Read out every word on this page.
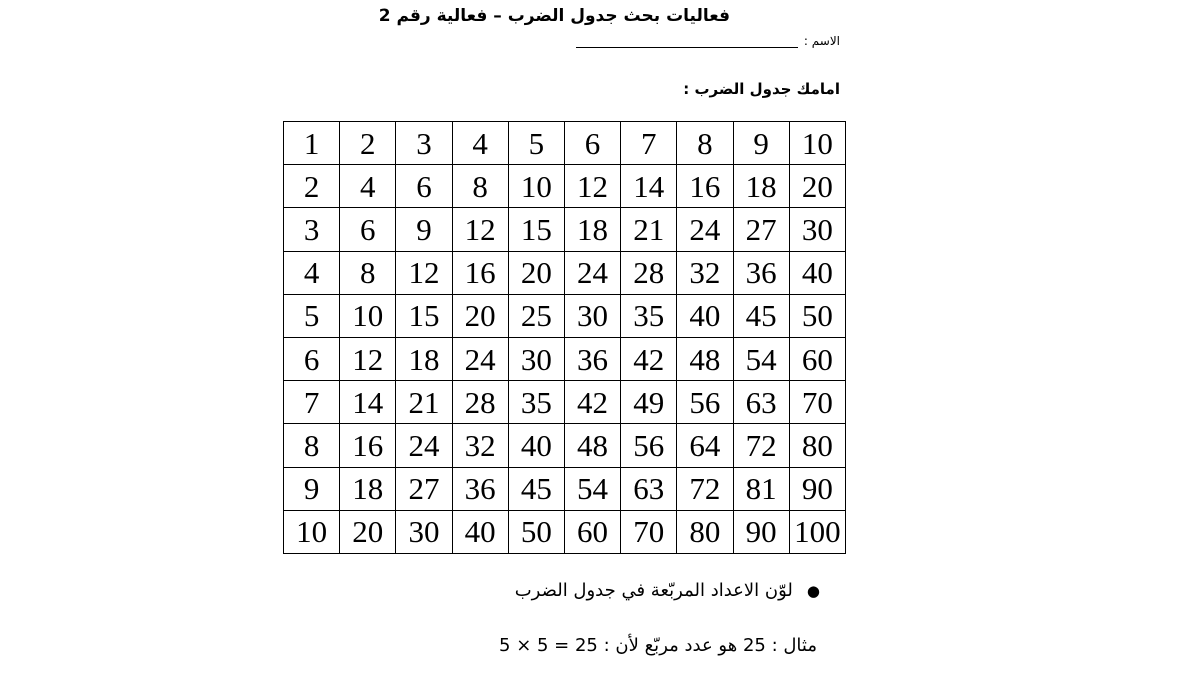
فعاليات بحث جدول الضرب – فعالية رقم 2
الاسم :
امامك جدول الضرب :
1	2	3	4	5	6	7	8	9	10
2	4	6	8	10	12	14	16	18	20
3	6	9	12	15	18	21	24	27	30
4	8	12	16	20	24	28	32	36	40
5	10	15	20	25	30	35	40	45	50
6	12	18	24	30	36	42	48	54	60
7	14	21	28	35	42	49	56	63	70
8	16	24	32	40	48	56	64	72	80
9	18	27	36	45	54	63	72	81	90
10	20	30	40	50	60	70	80	90	100
●لوّن الاعداد المربّعة في جدول الضرب
مثال : 25 هو عدد مربّع لأن : 25 = 5 × 5
